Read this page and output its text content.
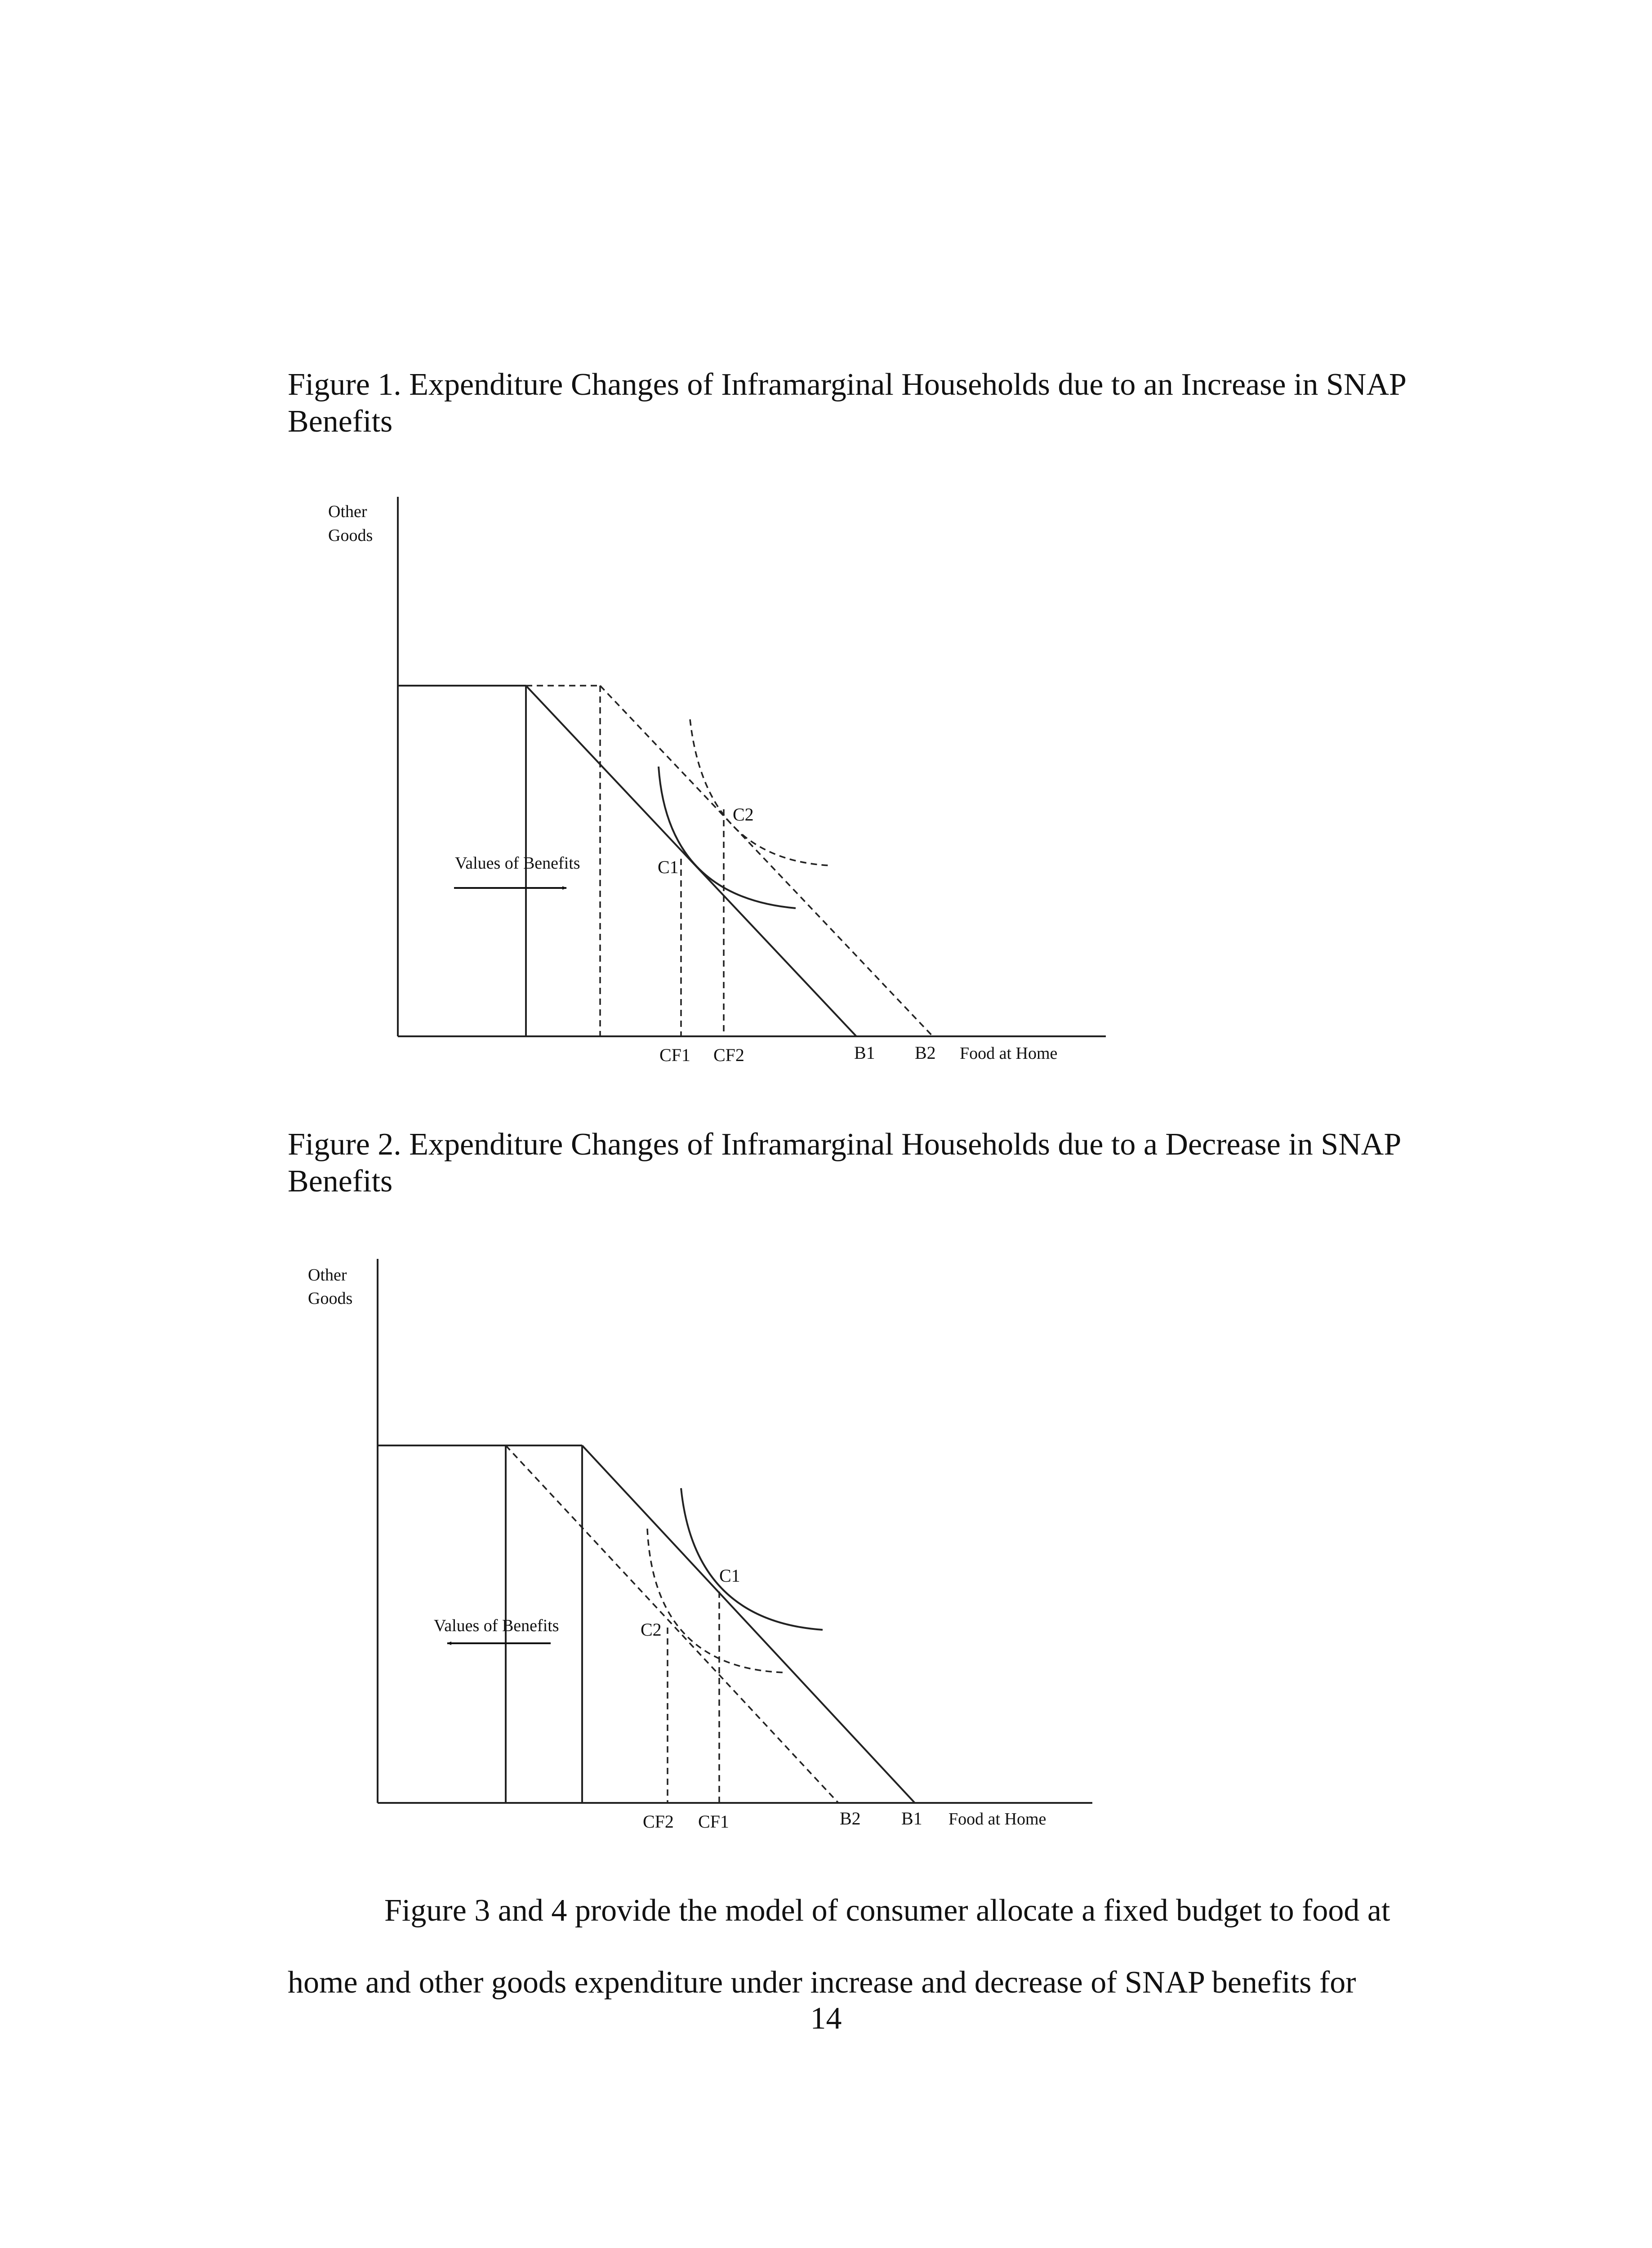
Figure 1. Expenditure Changes of Inframarginal Households due to an Increase in SNAP Benefits
Other
Goods
Values of Benefits	C1
C2
CF1 CF2	B1 B2 Food at Home
Figure 2. Expenditure Changes of Inframarginal Households due to a Decrease in SNAP Benefits
Other
Goods
Values of Benefits
C1
C2
CF2 CF1	B2 B1 Food at Home

Figure 3 and 4 provide the model of consumer allocate a fixed budget to food at home and other goods expenditure under increase and decrease of SNAP benefits for

14
